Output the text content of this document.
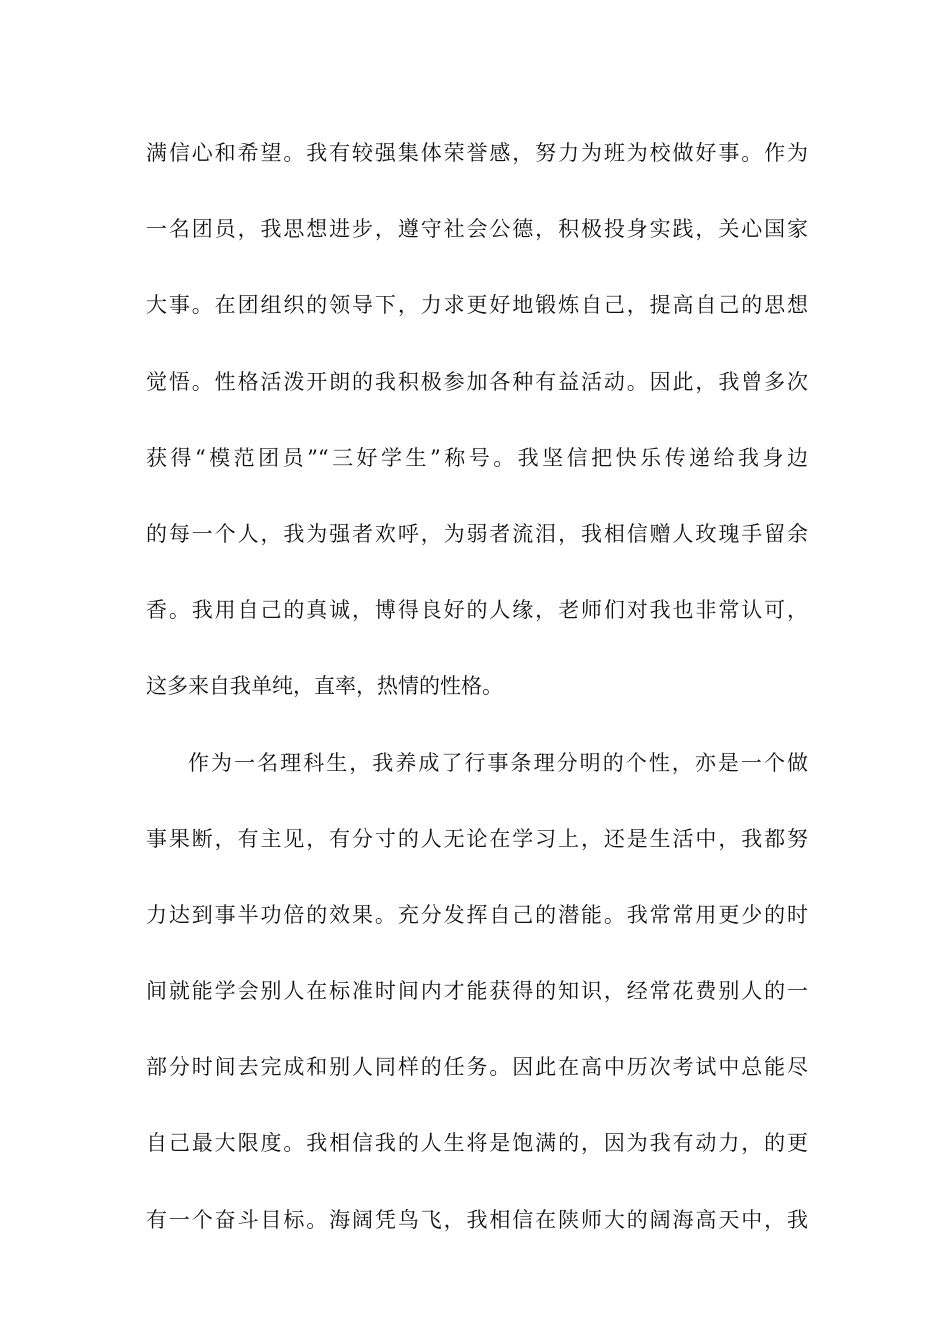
满信心和希望。我有较强集体荣誉感，努力为班为校做好事。作为
一名团员，我思想进步，遵守社会公德，积极投身实践，关心国家
大事。在团组织的领导下，力求更好地锻炼自己，提高自己的思想
觉悟。性格活泼开朗的我积极参加各种有益活动。因此，我曾多次
获得“模范团员”“三好学生”称号。我坚信把快乐传递给我身边
的每一个人，我为强者欢呼，为弱者流泪，我相信赠人玫瑰手留余
香。我用自己的真诚，博得良好的人缘，老师们对我也非常认可，
这多来自我单纯，直率，热情的性格。
作为一名理科生，我养成了行事条理分明的个性，亦是一个做
事果断，有主见，有分寸的人无论在学习上，还是生活中，我都努
力达到事半功倍的效果。充分发挥自己的潜能。我常常用更少的时
间就能学会别人在标准时间内才能获得的知识，经常花费别人的一
部分时间去完成和别人同样的任务。因此在高中历次考试中总能尽
自己最大限度。我相信我的人生将是饱满的，因为我有动力，的更
有一个奋斗目标。海阔凭鸟飞，我相信在陕师大的阔海高天中，我
